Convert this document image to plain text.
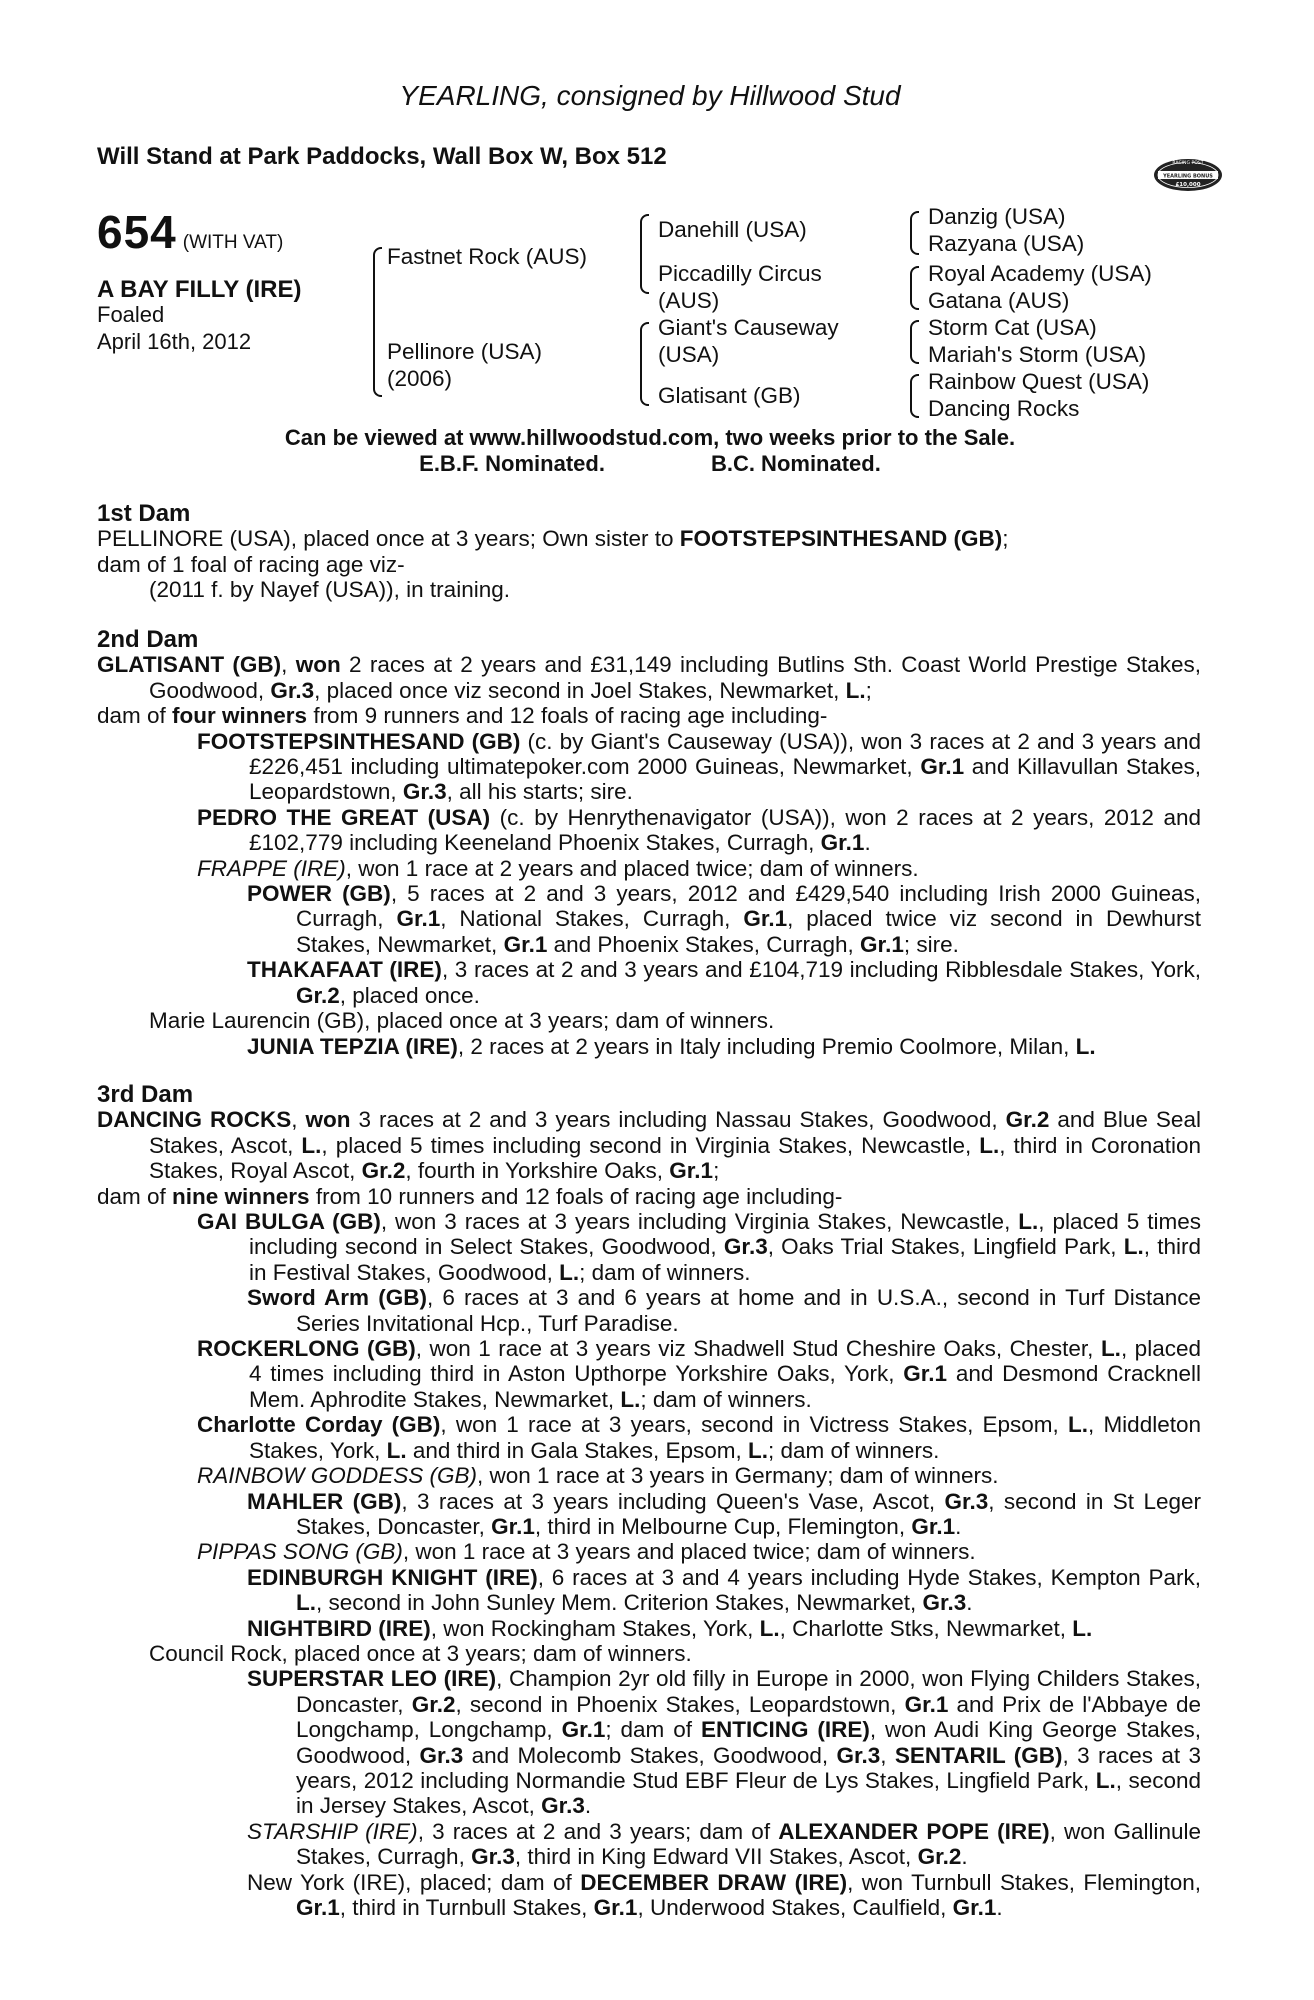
YEARLING, consigned by Hillwood Stud
Will Stand at Park Paddocks, Wall Box W, Box 512	RACING POST
YEARLING BONUS
£10,000
654 (WITH VAT)
A BAY FILLY (IRE)
Foaled
April 16th, 2012
Fastnet Rock (AUS)
Pellinore (USA)
(2006)
Danehill (USA)
Piccadilly Circus
(AUS)
Giant's Causeway
(USA)
Glatisant (GB)
Danzig (USA)
Razyana (USA)
Royal Academy (USA)
Gatana (AUS)
Storm Cat (USA)
Mariah's Storm (USA)
Rainbow Quest (USA)
Dancing Rocks
Can be viewed at www.hillwoodstud.com, two weeks prior to the Sale.
E.B.F. Nominated.	B.C. Nominated.

1st Dam

PELLINORE (USA), placed once at 3 years; Own sister to FOOTSTEPSINTHESAND (GB);
dam of 1 foal of racing age viz-

(2011 f. by Nayef (USA)), in training.

2nd Dam

GLATISANT (GB), won 2 races at 2 years and £31,149 including Butlins Sth. Coast World Prestige Stakes, Goodwood, Gr.3, placed once viz second in Joel Stakes, Newmarket, L.;

dam of four winners from 9 runners and 12 foals of racing age including-

FOOTSTEPSINTHESAND (GB) (c. by Giant's Causeway (USA)), won 3 races at 2 and 3 years and £226,451 including ultimatepoker.com 2000 Guineas, Newmarket, Gr.1 and Killavullan Stakes, Leopardstown, Gr.3, all his starts; sire.

PEDRO THE GREAT (USA) (c. by Henrythenavigator (USA)), won 2 races at 2 years, 2012 and £102,779 including Keeneland Phoenix Stakes, Curragh, Gr.1.

FRAPPE (IRE), won 1 race at 2 years and placed twice; dam of winners.

POWER (GB), 5 races at 2 and 3 years, 2012 and £429,540 including Irish 2000 Guineas, Curragh, Gr.1, National Stakes, Curragh, Gr.1, placed twice viz second in Dewhurst Stakes, Newmarket, Gr.1 and Phoenix Stakes, Curragh, Gr.1; sire.

THAKAFAAT (IRE), 3 races at 2 and 3 years and £104,719 including Ribblesdale Stakes, York, Gr.2, placed once.

Marie Laurencin (GB), placed once at 3 years; dam of winners.

JUNIA TEPZIA (IRE), 2 races at 2 years in Italy including Premio Coolmore, Milan, L.

3rd Dam

DANCING ROCKS, won 3 races at 2 and 3 years including Nassau Stakes, Goodwood, Gr.2 and Blue Seal Stakes, Ascot, L., placed 5 times including second in Virginia Stakes, Newcastle, L., third in Coronation Stakes, Royal Ascot, Gr.2, fourth in Yorkshire Oaks, Gr.1;

dam of nine winners from 10 runners and 12 foals of racing age including-

GAI BULGA (GB), won 3 races at 3 years including Virginia Stakes, Newcastle, L., placed 5 times including second in Select Stakes, Goodwood, Gr.3, Oaks Trial Stakes, Lingfield Park, L., third in Festival Stakes, Goodwood, L.; dam of winners.

Sword Arm (GB), 6 races at 3 and 6 years at home and in U.S.A., second in Turf Distance Series Invitational Hcp., Turf Paradise.

ROCKERLONG (GB), won 1 race at 3 years viz Shadwell Stud Cheshire Oaks, Chester, L., placed 4 times including third in Aston Upthorpe Yorkshire Oaks, York, Gr.1 and Desmond Cracknell Mem. Aphrodite Stakes, Newmarket, L.; dam of winners.

Charlotte Corday (GB), won 1 race at 3 years, second in Victress Stakes, Epsom, L., Middleton Stakes, York, L. and third in Gala Stakes, Epsom, L.; dam of winners.

RAINBOW GODDESS (GB), won 1 race at 3 years in Germany; dam of winners.

MAHLER (GB), 3 races at 3 years including Queen's Vase, Ascot, Gr.3, second in St Leger Stakes, Doncaster, Gr.1, third in Melbourne Cup, Flemington, Gr.1.

PIPPAS SONG (GB), won 1 race at 3 years and placed twice; dam of winners.

EDINBURGH KNIGHT (IRE), 6 races at 3 and 4 years including Hyde Stakes, Kempton Park, L., second in John Sunley Mem. Criterion Stakes, Newmarket, Gr.3.

NIGHTBIRD (IRE), won Rockingham Stakes, York, L., Charlotte Stks, Newmarket, L.

Council Rock, placed once at 3 years; dam of winners.

SUPERSTAR LEO (IRE), Champion 2yr old filly in Europe in 2000, won Flying Childers Stakes, Doncaster, Gr.2, second in Phoenix Stakes, Leopardstown, Gr.1 and Prix de l'Abbaye de Longchamp, Longchamp, Gr.1; dam of ENTICING (IRE), won Audi King George Stakes, Goodwood, Gr.3 and Molecomb Stakes, Goodwood, Gr.3, SENTARIL (GB), 3 races at 3 years, 2012 including Normandie Stud EBF Fleur de Lys Stakes, Lingfield Park, L., second in Jersey Stakes, Ascot, Gr.3.

STARSHIP (IRE), 3 races at 2 and 3 years; dam of ALEXANDER POPE (IRE), won Gallinule Stakes, Curragh, Gr.3, third in King Edward VII Stakes, Ascot, Gr.2.

New York (IRE), placed; dam of DECEMBER DRAW (IRE), won Turnbull Stakes, Flemington, Gr.1, third in Turnbull Stakes, Gr.1, Underwood Stakes, Caulfield, Gr.1.
